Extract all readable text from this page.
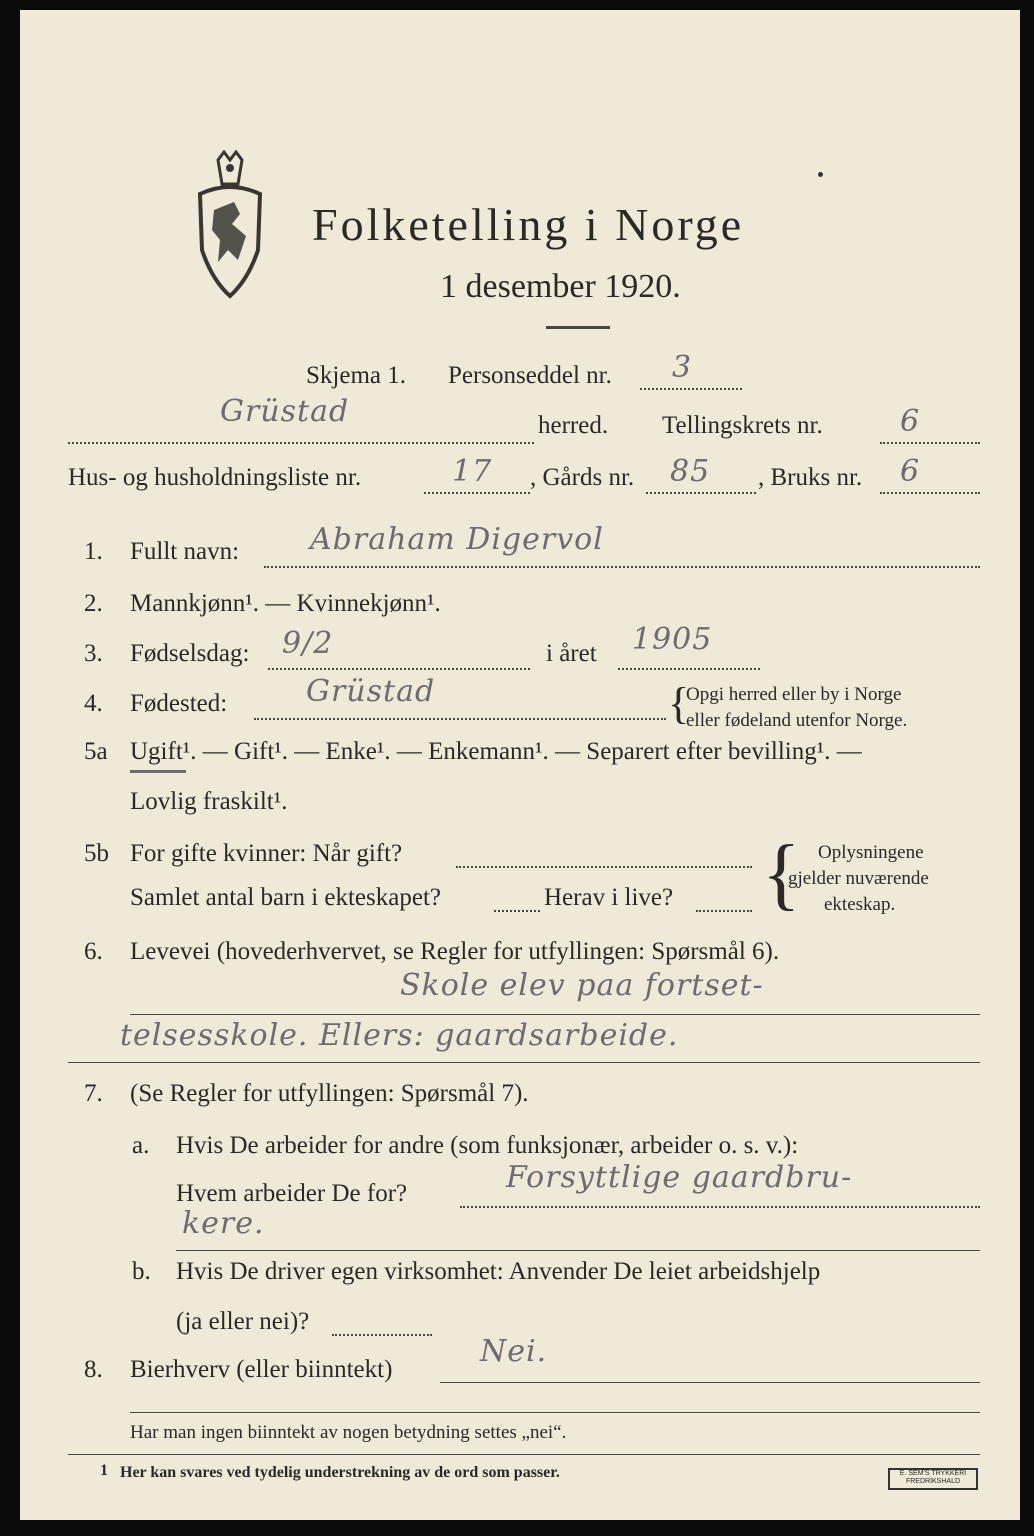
Folketelling i Norge
1 desember 1920.
Skjema 1. Personseddel nr. 3
Grüstad	herred. Tellingskrets nr.	6
Hus- og husholdningsliste nr.	17 , Gårds nr. 85 , Bruks nr. 6
1. Fullt navn: Abraham Digervol
2. Mannkjønn¹. — Kvinnekjønn¹.
3. Fødselsdag: 9/2	i året 1905
4. Fødested:	Grüstad	{
Opgi herred eller by i Norge
eller fødeland utenfor Norge.
5a Ugift¹. — Gift¹. — Enke¹. — Enkemann¹. — Separert efter bevilling¹. —
Lovlig fraskilt¹.
5b For gifte kvinner: Når gift?
Samlet antal barn i ekteskapet?	Herav i live? { Oplysningene
gjelder nuværende
ekteskap.
6. Levevei (hovederhvervet, se Regler for utfyllingen: Spørsmål 6).
Skole elev paa fortset-
telsesskole. Ellers: gaardsarbeide.
7. (Se Regler for utfyllingen: Spørsmål 7).
a. Hvis De arbeider for andre (som funksjonær, arbeider o. s. v.):
Hvem arbeider De for?	Forsyttlige gaardbru-
kere.
b. Hvis De driver egen virksomhet: Anvender De leiet arbeidshjelp
(ja eller nei)?
8. Bierhverv (eller biinntekt)
Nei.
Har man ingen biinntekt av nogen betydning settes „nei“.
1 Her kan svares ved tydelig understrekning av de ord som passer.	E. SEM'S TRYKKERI FREDRIKSHALD
